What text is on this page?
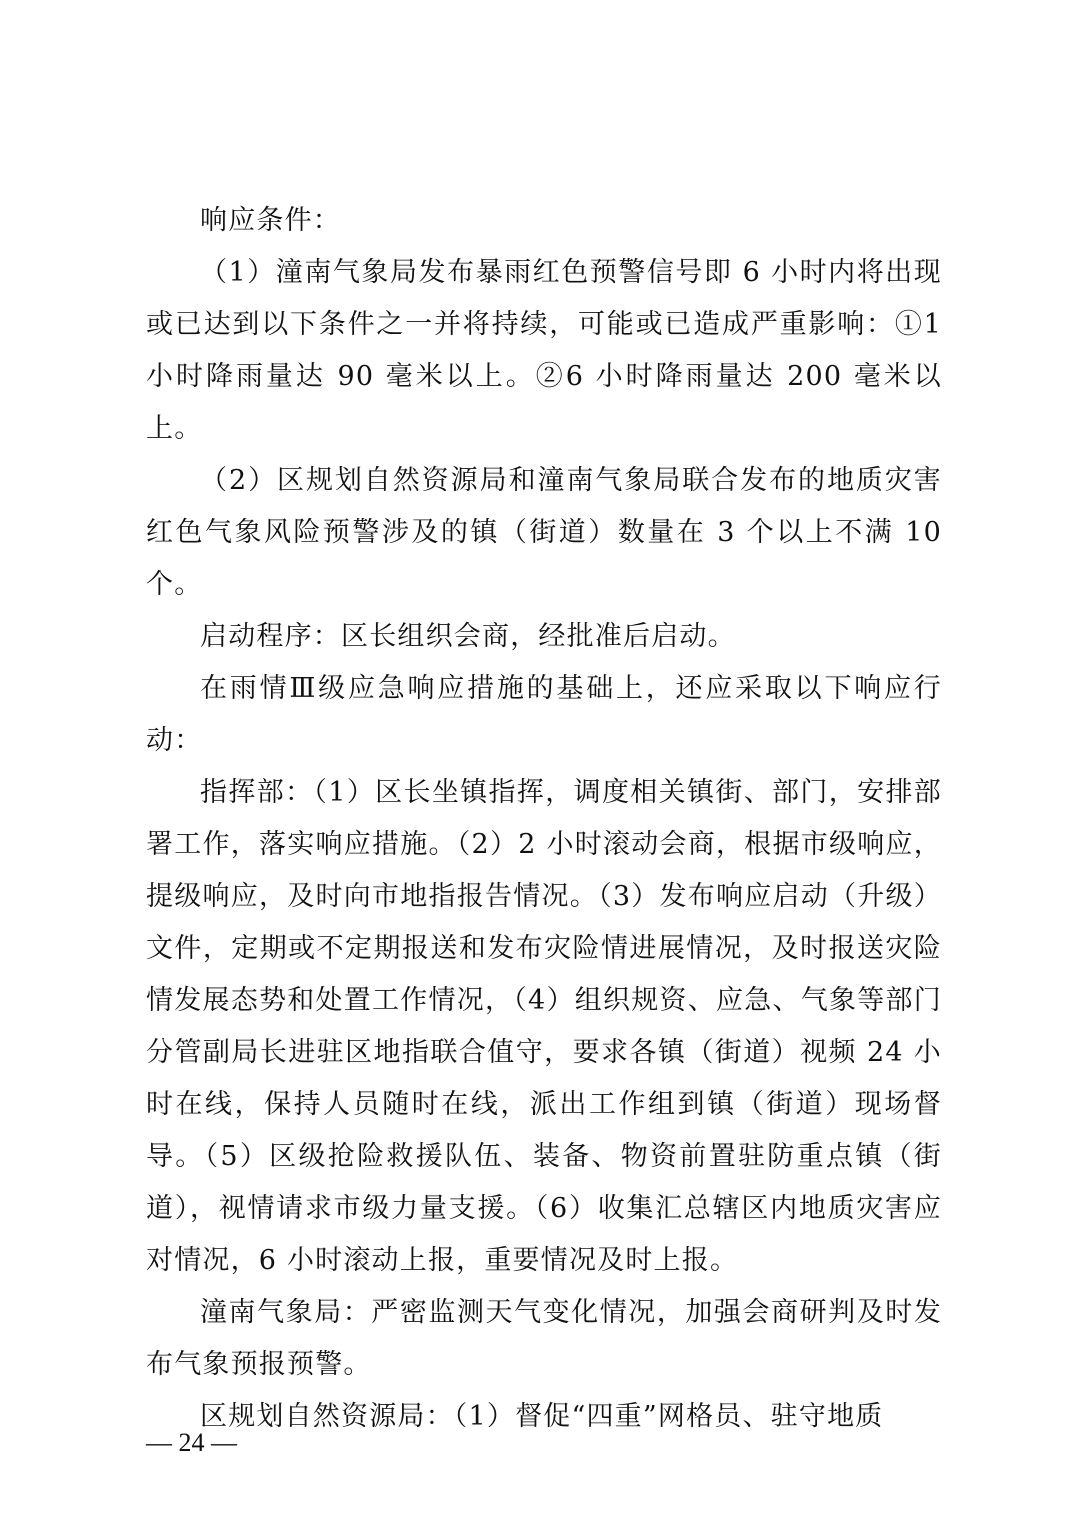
响应条件：

（1）潼南气象局发布暴雨红色预警信号即 6 小时内将出现或已达到以下条件之一并将持续，可能或已造成严重影响：①1 小时降雨量达 90 毫米以上。②6 小时降雨量达 200 毫米以上。

（2）区规划自然资源局和潼南气象局联合发布的地质灾害红色气象风险预警涉及的镇（街道）数量在 3 个以上不满 10 个。

启动程序：区长组织会商，经批准后启动。

在雨情Ⅲ级应急响应措施的基础上，还应采取以下响应行动：

指挥部：（1）区长坐镇指挥，调度相关镇街、部门，安排部署工作，落实响应措施。（2）2 小时滚动会商，根据市级响应，提级响应，及时向市地指报告情况。（3）发布响应启动（升级）文件，定期或不定期报送和发布灾险情进展情况，及时报送灾险情发展态势和处置工作情况，（4）组织规资、应急、气象等部门分管副局长进驻区地指联合值守，要求各镇（街道）视频 24 小时在线，保持人员随时在线，派出工作组到镇（街道）现场督导。（5）区级抢险救援队伍、装备、物资前置驻防重点镇（街道），视情请求市级力量支援。（6）收集汇总辖区内地质灾害应对情况，6 小时滚动上报，重要情况及时上报。

潼南气象局：严密监测天气变化情况，加强会商研判及时发布气象预报预警。

区规划自然资源局：（1）督促“四重”网格员、驻守地质

— 24 —
